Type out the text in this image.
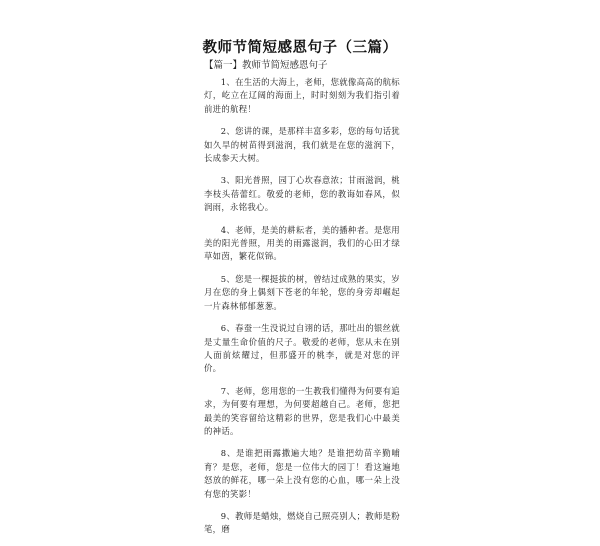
教师节简短感恩句子（三篇）

【篇一】教师节简短感恩句子

1、在生活的大海上，老师，您就像高高的航标灯，屹立在辽阔的海面上，时时刻刻为我们指引着前进的航程！

2、您讲的课，是那样丰富多彩，您的每句话犹如久旱的树苗得到滋润，我们就是在您的滋润下，长成参天大树。

3、阳光普照，园丁心坎春意浓；甘雨滋润，桃李枝头蓓蕾红。敬爱的老师，您的教诲如春风，似润雨，永铭我心。

4、老师，是美的耕耘者，美的播种者。是您用美的阳光普照，用美的雨露滋润，我们的心田才绿草如茵，繁花似锦。

5、您是一棵挺拔的树，曾结过成熟的果实，岁月在您的身上偶刻下苍老的年轮，您的身旁却崛起一片森林郁郁葱葱。

6、春蚕一生没说过自诩的话，那吐出的银丝就是丈量生命价值的尺子。敬爱的老师，您从未在别人面前炫耀过，但那盛开的桃李，就是对您的评价。

7、老师，您用您的一生教我们懂得为何要有追求，为何要有理想，为何要超越自己。老师，您把最美的笑容留给这精彩的世界，您是我们心中最美的神话。

8、是谁把雨露撒遍大地？是谁把幼苗辛勤哺育？是您，老师，您是一位伟大的园丁！看这遍地怒放的鲜花，哪一朵上没有您的心血，哪一朵上没有您的笑影！

9、教师是蜡烛，燃烧自己照亮别人；教师是粉笔，磨
